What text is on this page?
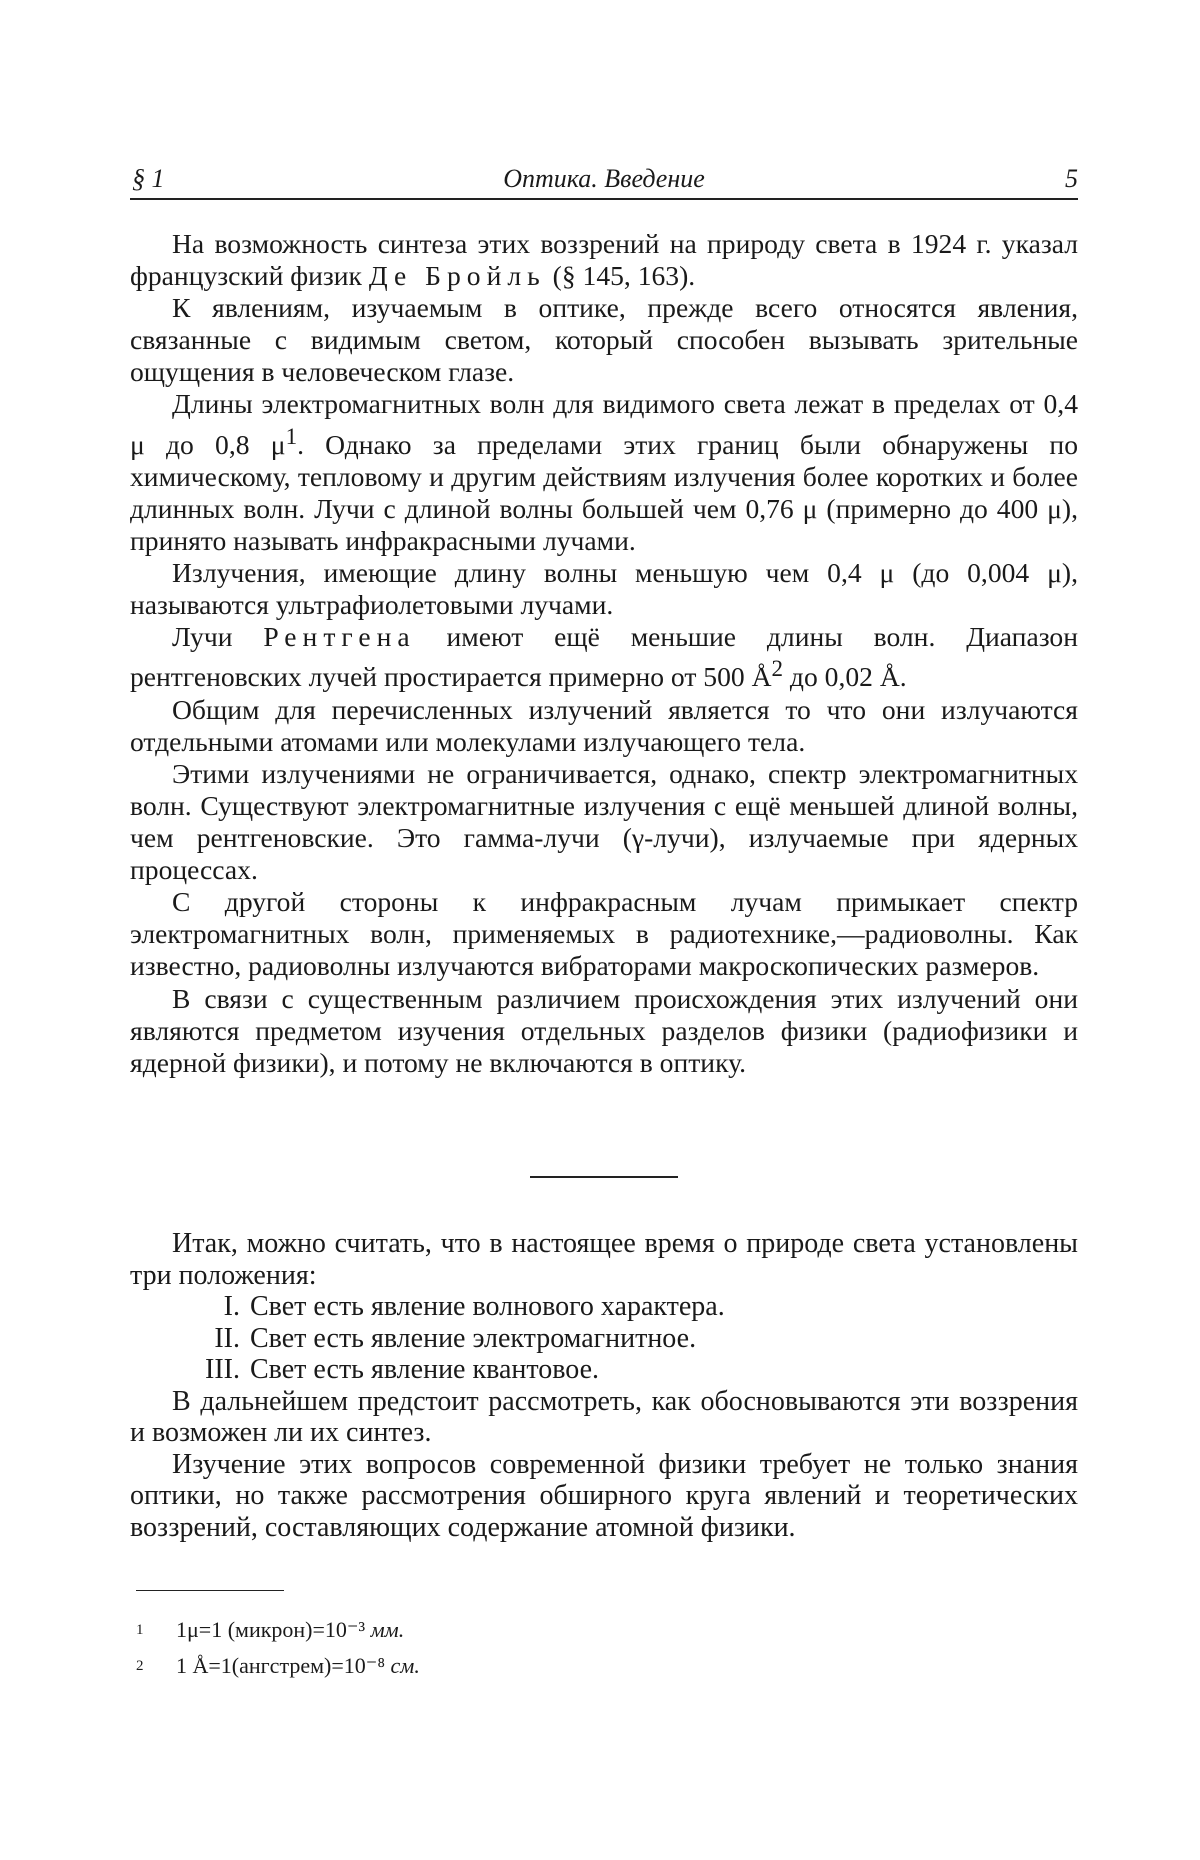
§ 1	Оптика. Введение	5

На возможность синтеза этих воззрений на природу света в 1924 г. указал французский физик Де Бройль (§ 145, 163).

К явлениям, изучаемым в оптике, прежде всего относятся явления, связанные с видимым светом, который способен вызывать зрительные ощущения в человеческом глазе.

Длины электромагнитных волн для видимого света лежат в пределах от 0,4 μ до 0,8 $\mu^1$. Однако за пределами этих границ были обнаружены по химическому, тепловому и другим действиям излучения более коротких и более длинных волн. Лучи с длиной волны большей чем 0,76 μ (примерно до 400 μ), принято называть инфракрасными лучами.

Излучения, имеющие длину волны меньшую чем 0,4 μ (до 0,004 μ), называются ультрафиолетовыми лучами.

Лучи Рентгена имеют ещё меньшие длины волн. Диапазон рентгеновских лучей простирается примерно от 500 $Å^2$ до 0,02 Å.

Общим для перечисленных излучений является то что они излучаются отдельными атомами или молекулами излучающего тела.

Этими излучениями не ограничивается, однако, спектр электромагнитных волн. Существуют электромагнитные излучения с ещё меньшей длиной волны, чем рентгеновские. Это гамма-лучи (γ-лучи), излучаемые при ядерных процессах.

С другой стороны к инфракрасным лучам примыкает спектр электромагнитных волн, применяемых в радиотехнике,—радиоволны. Как известно, радиоволны излучаются вибраторами макроскопических размеров.

В связи с существенным различием происхождения этих излучений они являются предметом изучения отдельных разделов физики (радиофизики и ядерной физики), и потому не включаются в оптику.

Итак, можно считать, что в настоящее время о природе света установлены три положения:

I. Свет есть явление волнового характера.

II. Свет есть явление электромагнитное.

III. Свет есть явление квантовое.

В дальнейшем предстоит рассмотреть, как обосновываются эти воззрения и возможен ли их синтез.

Изучение этих вопросов современной физики требует не только знания оптики, но также рассмотрения обширного круга явлений и теоретических воззрений, составляющих содержание атомной физики.

1 1μ=1 (микрон)=10⁻³ мм.
2 1 Å=1(ангстрем)=10⁻⁸ см.
